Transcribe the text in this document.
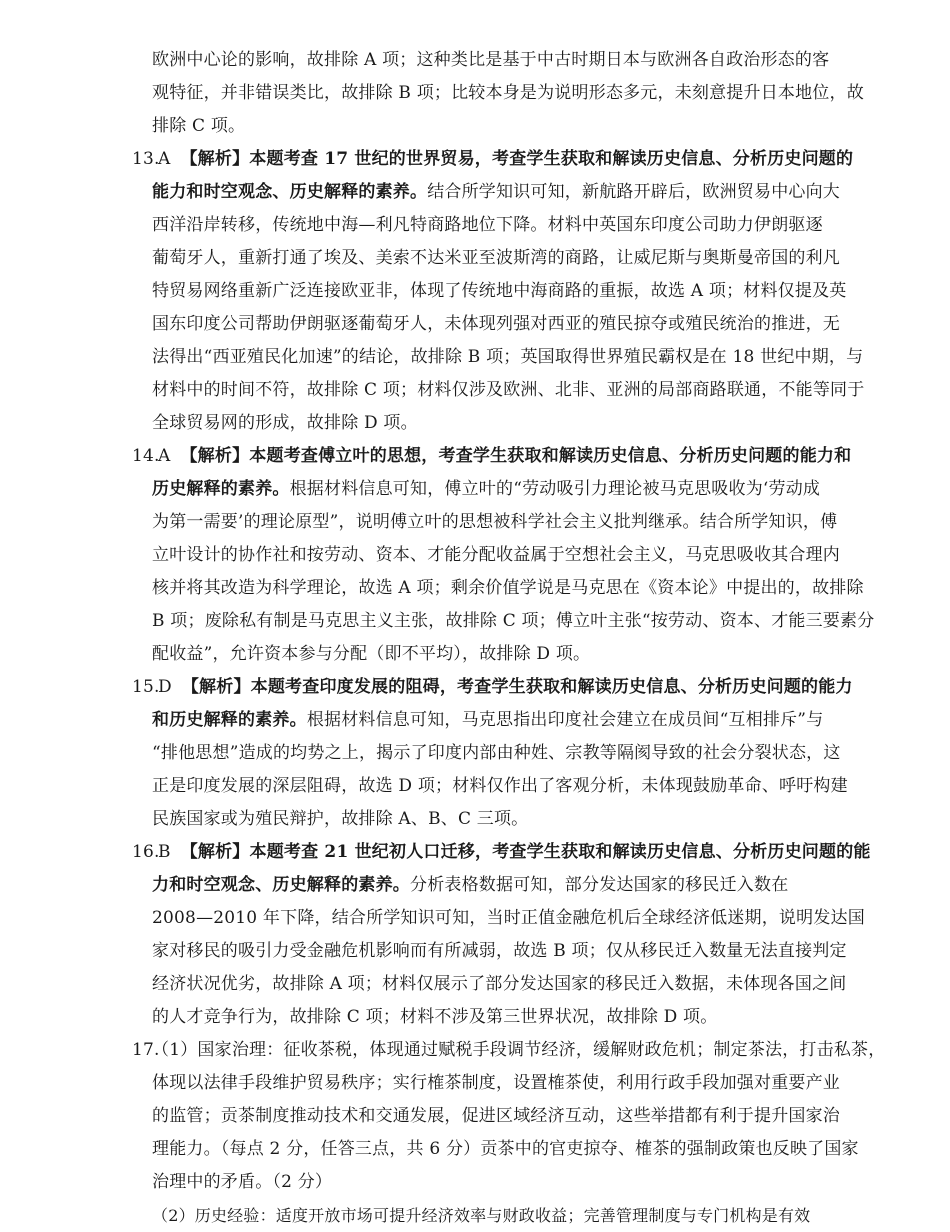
欧洲中心论的影响，故排除 A 项；这种类比是基于中古时期日本与欧洲各自政治形态的客
观特征，并非错误类比，故排除 B 项；比较本身是为说明形态多元，未刻意提升日本地位，故
排除 C 项。
13.
A 【解析】 本题考查 17 世纪的世界贸易，考查学生获取和解读历史信息、分析历史问题的
能力和时空观念、历史解释的素养。结合所学知识可知，新航路开辟后，欧洲贸易中心向大
西洋沿岸转移，传统地中海—利凡特商路地位下降。材料中英国东印度公司助力伊朗驱逐
葡萄牙人，重新打通了埃及、美索不达米亚至波斯湾的商路，让威尼斯与奥斯曼帝国的利凡
特贸易网络重新广泛连接欧亚非，体现了传统地中海商路的重振，故选 A 项；材料仅提及英
国东印度公司帮助伊朗驱逐葡萄牙人，未体现列强对西亚的殖民掠夺或殖民统治的推进，无
法得出“西亚殖民化加速”的结论，故排除 B 项；英国取得世界殖民霸权是在 18 世纪中期，与
材料中的时间不符，故排除 C 项；材料仅涉及欧洲、北非、亚洲的局部商路联通，不能等同于
全球贸易网的形成，故排除 D 项。
14.
A 【解析】 本题考查傅立叶的思想，考查学生获取和解读历史信息、分析历史问题的能力和
历史解释的素养。根据材料信息可知，傅立叶的“劳动吸引力理论被马克思吸收为‘劳动成
为第一需要’的理论原型”，说明傅立叶的思想被科学社会主义批判继承。结合所学知识，傅
立叶设计的协作社和按劳动、资本、才能分配收益属于空想社会主义，马克思吸收其合理内
核并将其改造为科学理论，故选 A 项；剩余价值学说是马克思在《资本论》中提出的，故排除
B 项；废除私有制是马克思主义主张，故排除 C 项；傅立叶主张“按劳动、资本、才能三要素分
配收益”，允许资本参与分配（即不平均），故排除 D 项。
15.
D 【解析】 本题考查印度发展的阻碍，考查学生获取和解读历史信息、分析历史问题的能力
和历史解释的素养。根据材料信息可知，马克思指出印度社会建立在成员间“互相排斥”与
“排他思想”造成的均势之上，揭示了印度内部由种姓、宗教等隔阂导致的社会分裂状态，这
正是印度发展的深层阻碍，故选 D 项；材料仅作出了客观分析，未体现鼓励革命、呼吁构建
民族国家或为殖民辩护，故排除 A、B、C 三项。
16.
B 【解析】 本题考查 21 世纪初人口迁移，考查学生获取和解读历史信息、分析历史问题的能
力和时空观念、历史解释的素养。分析表格数据可知，部分发达国家的移民迁入数在
2008—2010 年下降，结合所学知识可知，当时正值金融危机后全球经济低迷期，说明发达国
家对移民的吸引力受金融危机影响而有所减弱，故选 B 项；仅从移民迁入数量无法直接判定
经济状况优劣，故排除 A 项；材料仅展示了部分发达国家的移民迁入数据，未体现各国之间
的人才竞争行为，故排除 C 项；材料不涉及第三世界状况，故排除 D 项。
17.
（1）国家治理：征收茶税，体现通过赋税手段调节经济，缓解财政危机；制定茶法，打击私茶，
体现以法律手段维护贸易秩序；实行榷茶制度，设置榷茶使，利用行政手段加强对重要产业
的监管；贡茶制度推动技术和交通发展，促进区域经济互动，这些举措都有利于提升国家治
理能力。（每点 2 分，任答三点，共 6 分）贡茶中的官吏掠夺、榷茶的强制政策也反映了国家
治理中的矛盾。（2 分）
（2）历史经验：适度开放市场可提升经济效率与财政收益；完善管理制度与专门机构是有效
